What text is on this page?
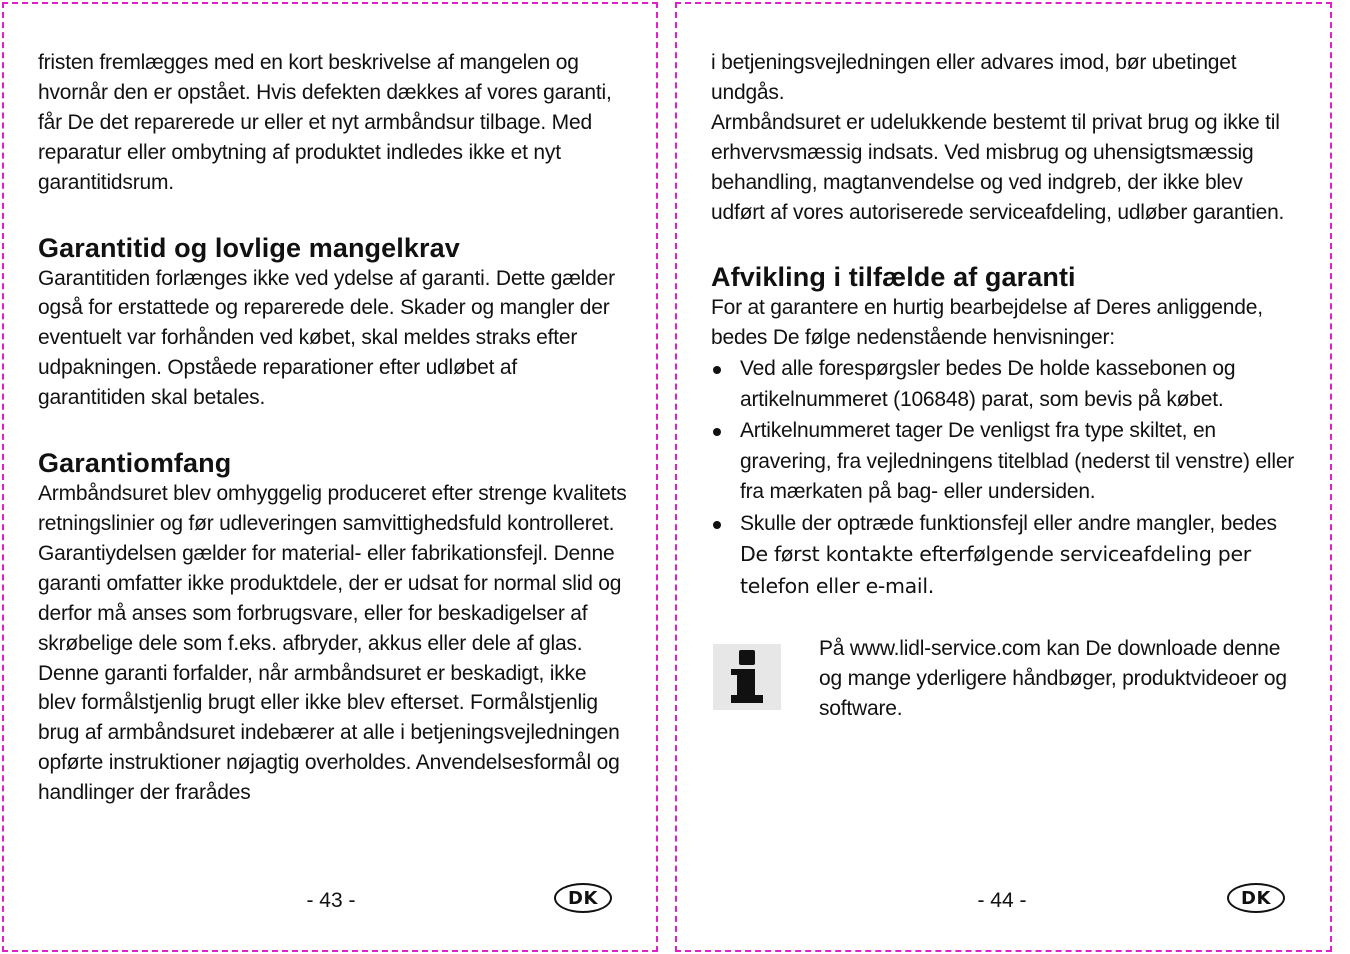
fristen fremlægges med en kort beskrivelse af mangelen og hvornår den er opstået. Hvis defekten dækkes af vores garanti, får De det reparerede ur eller et nyt armbåndsur tilbage. Med reparatur eller ombytning af produktet indledes ikke et nyt garantitidsrum.

Garantitid og lovlige mangelkrav

Garantitiden forlænges ikke ved ydelse af garanti. Dette gælder også for erstattede og reparerede dele. Skader og mangler der eventuelt var forhånden ved købet, skal meldes straks efter udpakningen. Opståede reparationer efter udløbet af garantitiden skal betales.

Garantiomfang

Armbåndsuret blev omhyggelig produceret efter strenge kvalitets retningslinier og før udleveringen samvittighedsfuld kontrolleret. Garantiydelsen gælder for material- eller fabrikationsfejl. Denne garanti omfatter ikke produktdele, der er udsat for normal slid og derfor må anses som forbrugsvare, eller for beskadigelser af skrøbelige dele som f.eks. afbryder, akkus eller dele af glas.

Denne garanti forfalder, når armbåndsuret er beskadigt, ikke blev formålstjenlig brugt eller ikke blev efterset. Formålstjenlig brug af armbåndsuret indebærer at alle i betjeningsvejledningen opførte instruktioner nøjagtig overholdes. Anvendelsesformål og handlinger der frarådes

- 43 -	DK

i betjeningsvejledningen eller advares imod, bør ubetinget undgås.

Armbåndsuret er udelukkende bestemt til privat brug og ikke til erhvervsmæssig indsats. Ved misbrug og uhensigtsmæssig behandling, magtanvendelse og ved indgreb, der ikke blev udført af vores autoriserede serviceafdeling, udløber garantien.

Afvikling i tilfælde af garanti

For at garantere en hurtig bearbejdelse af Deres anliggende, bedes De følge nedenstående henvisninger:

Ved alle forespørgsler bedes De holde kassebonen og artikelnummeret (106848) parat, som bevis på købet.
Artikelnummeret tager De venligst fra type skiltet, en gravering, fra vejledningens titelblad (nederst til venstre) eller fra mærkaten på bag- eller undersiden.
Skulle der optræde funktionsfejl eller andre mangler, bedes De først kontakte efterfølgende serviceafdeling per telefon eller e-mail.

På www.lidl-service.com kan De downloade denne og mange yderligere håndbøger, produktvideoer og software.

- 44 -	DK
